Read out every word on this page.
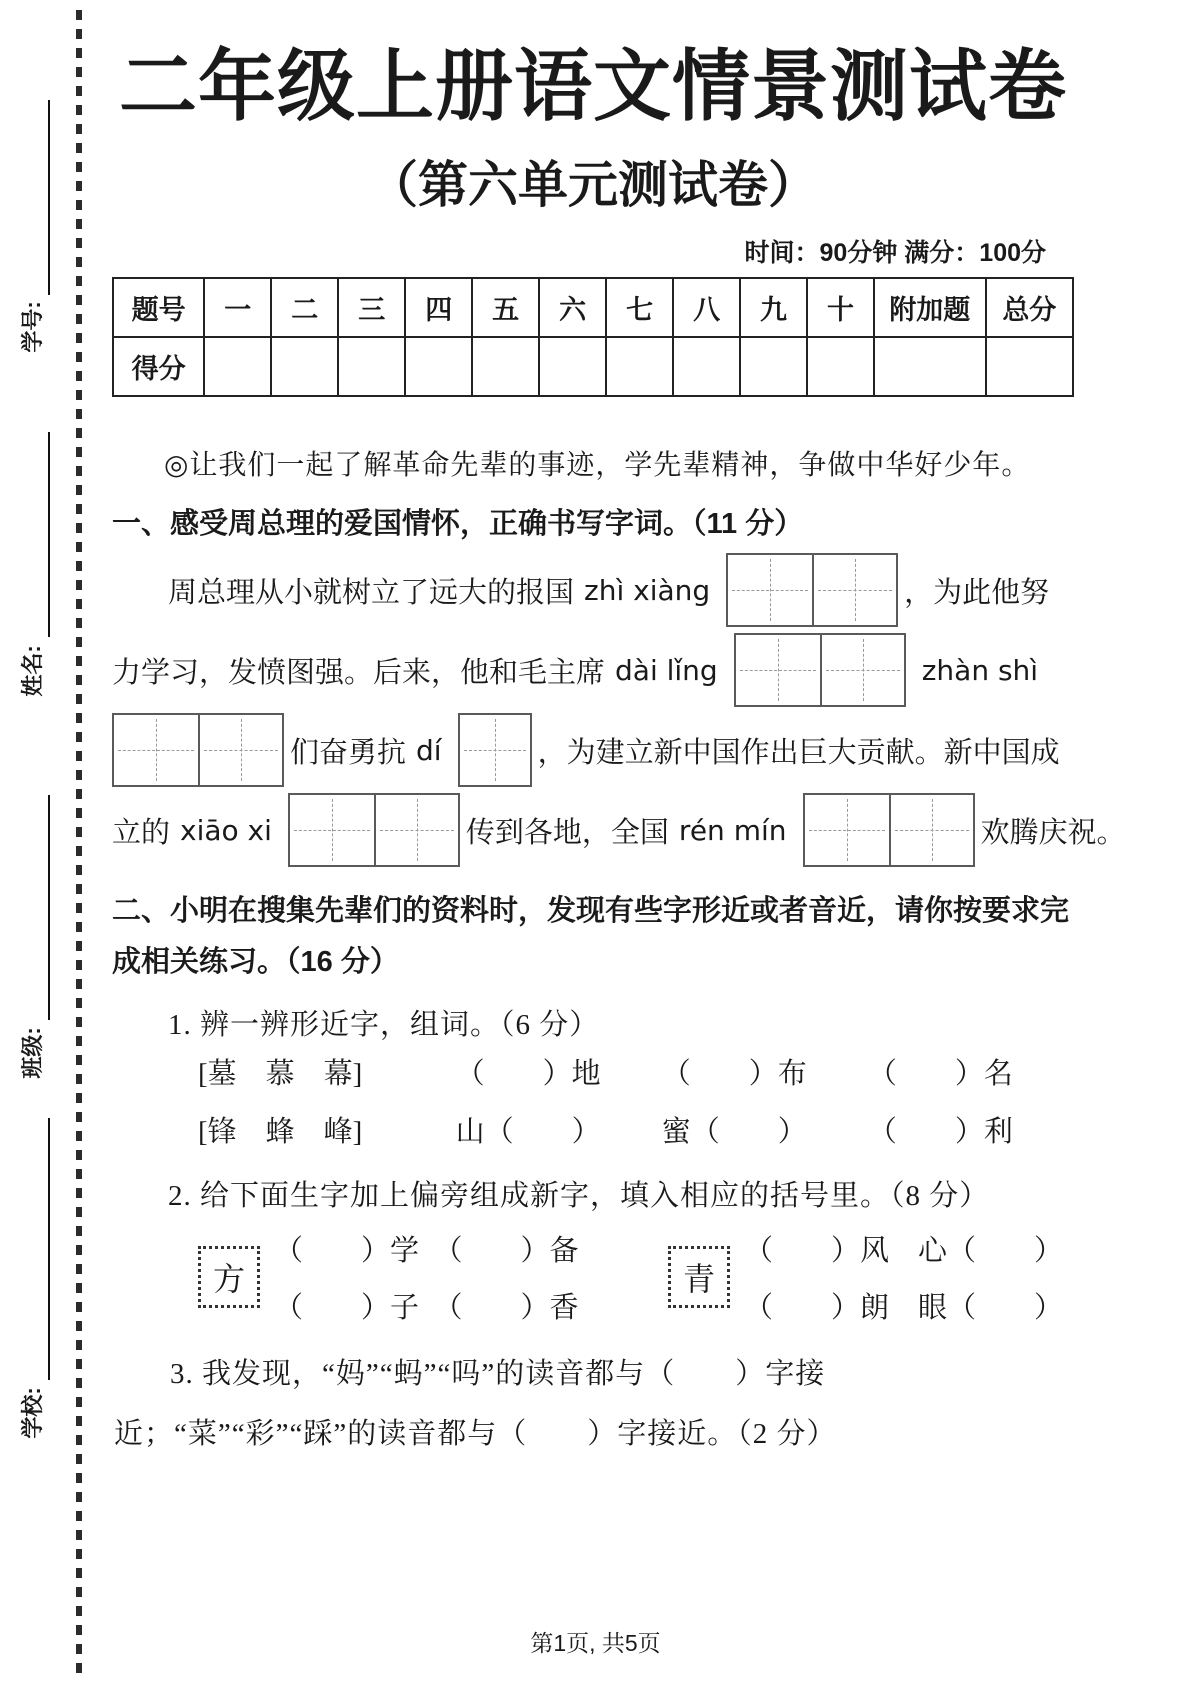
学号:
姓名:
班级:
学校:
二年级上册语文情景测试卷
（第六单元测试卷）
时间：90分钟 满分：100分
题号	一	二	三	四	五	六	七	八	九	十	附加题	总分
得分												
◎让我们一起了解革命先辈的事迹，学先辈精神，争做中华好少年。
一、感受周总理的爱国情怀，正确书写字词。（11 分）
周总理从小就树立了远大的报国 zhì xiàng	，为此他努
力学习，发愤图强。后来，他和毛主席 dài lǐng	zhàn shì
们奋勇抗 dí	，为建立新中国作出巨大贡献。新中国成
立的 xiāo xi	传到各地，全国 rén mín	欢腾庆祝。
二、小明在搜集先辈们的资料时，发现有些字形近或者音近，请你按要求完成相关练习。（16 分）
1. 辨一辨形近字，组词。（6 分）
[墓　慕　幕]	（　　）地	（　　）布	（　　）名
[锋　蜂　峰]	山（　　）	蜜（　　）	（　　）利
2. 给下面生字加上偏旁组成新字，填入相应的括号里。（8 分）
方
（　　）学　（　　）备
（　　）子　（　　）香
青
（　　）风　心（　　）
（　　）朗　眼（　　）
3. 我发现，“妈”“蚂”“吗”的读音都与（　　）字接近；“菜”“彩”“踩”的读音都与（　　）字接近。（2 分）
第1页, 共5页
